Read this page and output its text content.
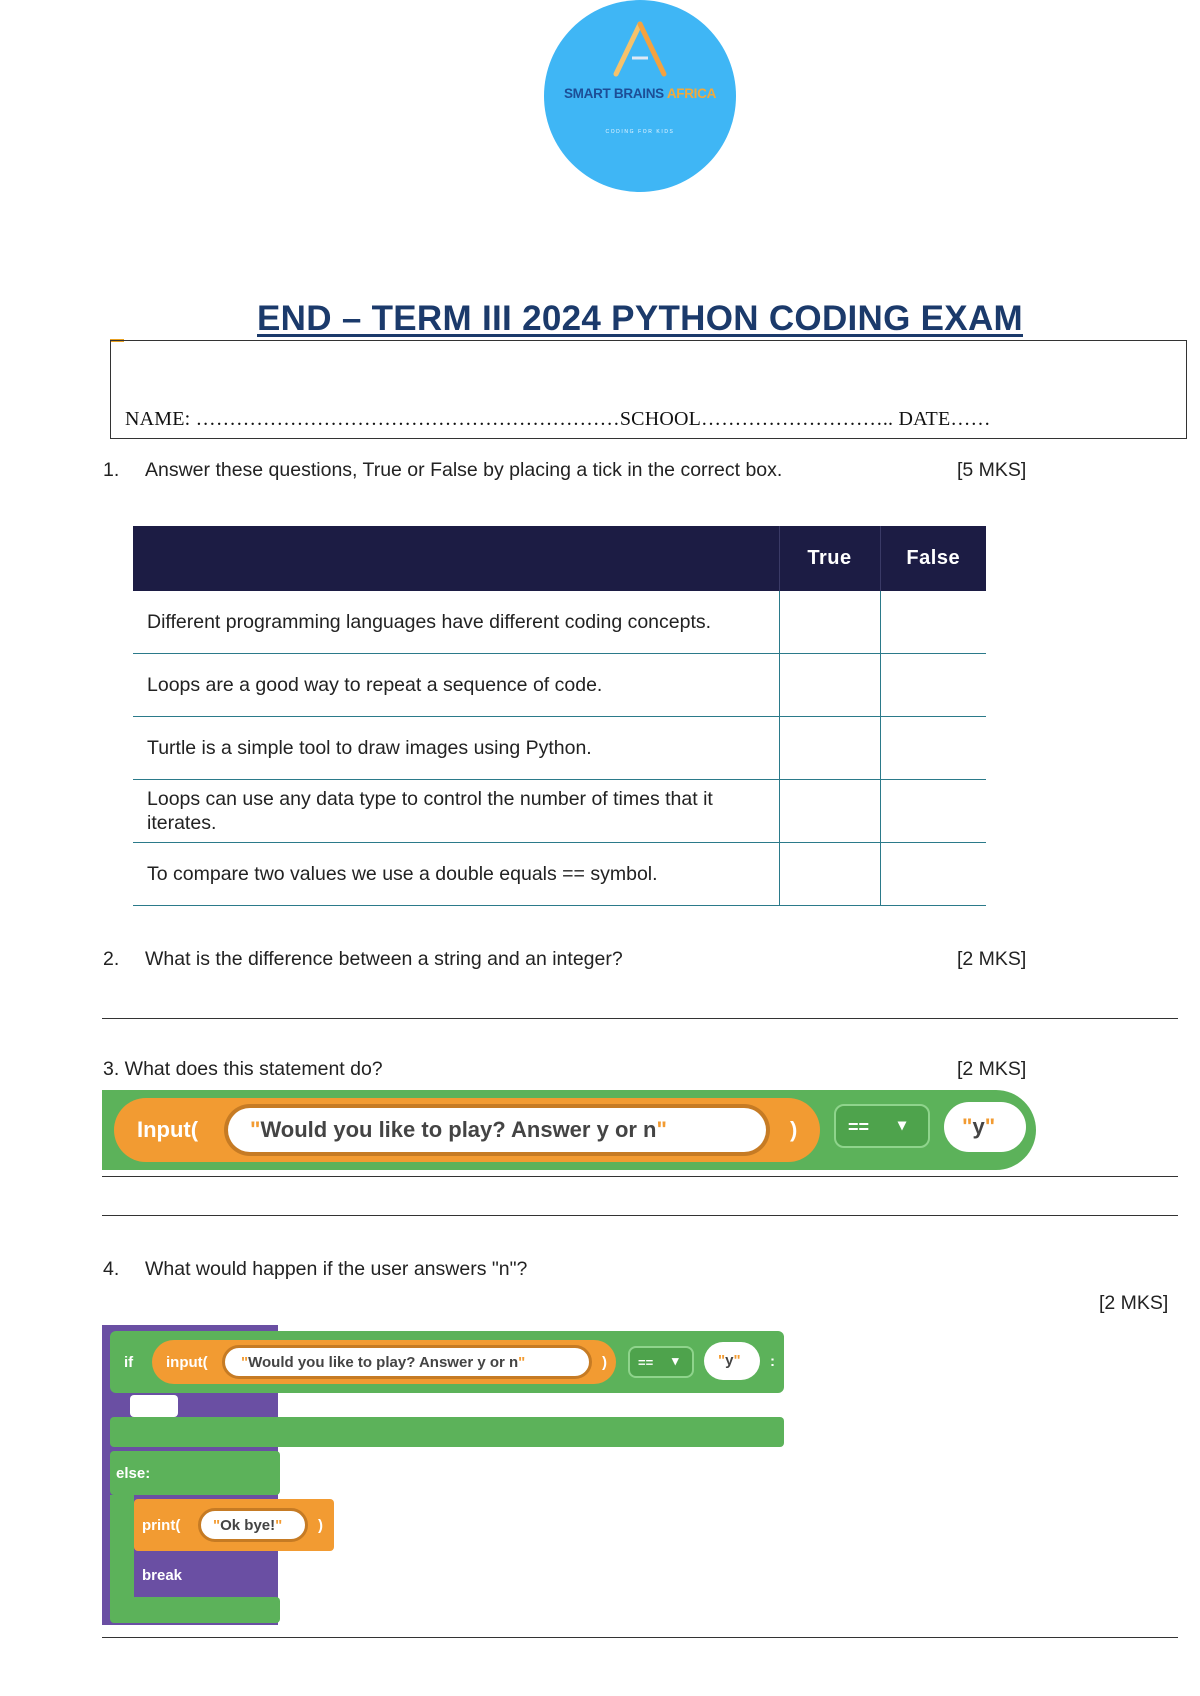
SMART BRAINS AFRICA
CODING FOR KIDS
END – TERM III 2024 PYTHON CODING EXAM
NAME: ………………………………………………………SCHOOL……………………….. DATE……
1. Answer these questions, True or False by placing a tick in the correct box.	[5 MKS]
	True	False
Different programming languages have different coding concepts.		
Loops are a good way to repeat a sequence of code.		
Turtle is a simple tool to draw images using Python.		
Loops can use any data type to control the number of times that it iterates.		
To compare two values we use a double equals == symbol.		
2. What is the difference between a string and an integer?	[2 MKS]
3. What does this statement do?	[2 MKS]
Input(	"Would you like to play? Answer y or n"	)	== ▾	"y"
4. What would happen if the user answers "n"?
[2 MKS]
if input(	"Would you like to play? Answer y or n"	) == ▾	"y"	:
else:
print(	"Ok bye!"	)
break
